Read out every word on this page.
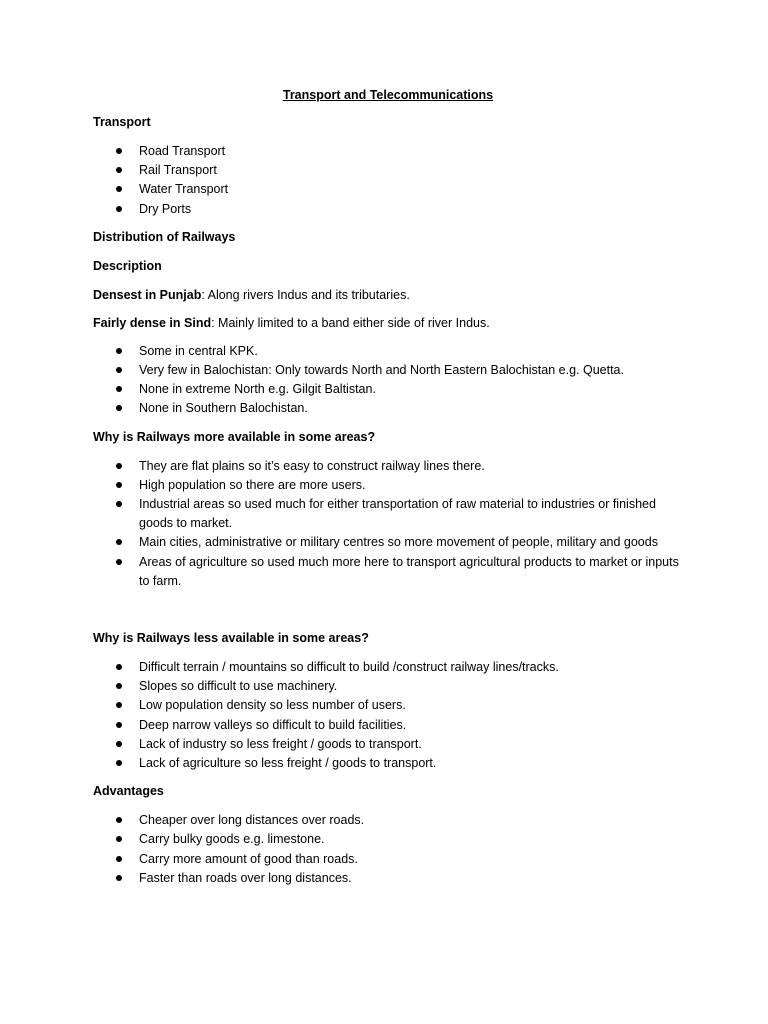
Transport and Telecommunications
Transport
Road Transport
Rail Transport
Water Transport
Dry Ports
Distribution of Railways
Description
Densest in Punjab: Along rivers Indus and its tributaries.
Fairly dense in Sind: Mainly limited to a band either side of river Indus.
Some in central KPK.
Very few in Balochistan: Only towards North and North Eastern Balochistan e.g. Quetta.
None in extreme North e.g. Gilgit Baltistan.
None in Southern Balochistan.
Why is Railways more available in some areas?
They are flat plains so it’s easy to construct railway lines there.
High population so there are more users.
Industrial areas so used much for either transportation of raw material to industries or finished goods to market.
Main cities, administrative or military centres so more movement of people, military and goods
Areas of agriculture so used much more here to transport agricultural products to market or inputs to farm.
Why is Railways less available in some areas?
Difficult terrain / mountains so difficult to build /construct railway lines/tracks.
Slopes so difficult to use machinery.
Low population density so less number of users.
Deep narrow valleys so difficult to build facilities.
Lack of industry so less freight / goods to transport.
Lack of agriculture so less freight / goods to transport.
Advantages
Cheaper over long distances over roads.
Carry bulky goods e.g. limestone.
Carry more amount of good than roads.
Faster than roads over long distances.
